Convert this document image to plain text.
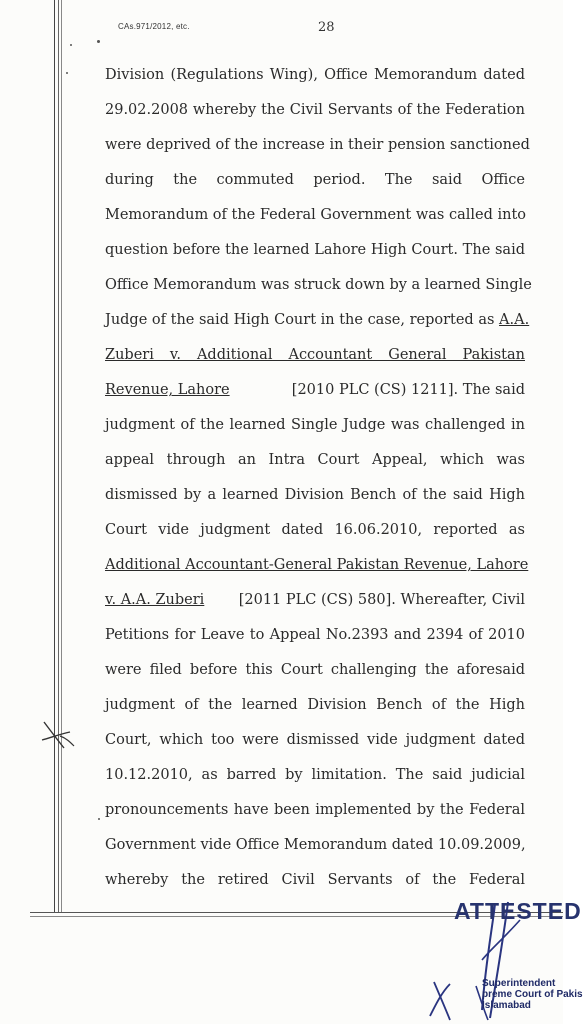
CAs.971/2012, etc.	28
Division (Regulations Wing), Office Memorandum dated
29.02.2008 whereby the Civil Servants of the Federation
were deprived of the increase in their pension sanctioned
during the commuted period. The said Office
Memorandum of the Federal Government was called into
question before the learned Lahore High Court. The said
Office Memorandum was struck down by a learned Single
Judge of the said High Court in the case, reported as A.A.
Zuberi v. Additional Accountant General Pakistan
Revenue, Lahore	[2010 PLC (CS) 1211]. The said
judgment of the learned Single Judge was challenged in
appeal through an Intra Court Appeal, which was
dismissed by a learned Division Bench of the said High
Court vide judgment dated 16.06.2010, reported as
Additional Accountant-General Pakistan Revenue, Lahore
v. A.A. Zuberi [2011 PLC (CS) 580]. Whereafter, Civil
Petitions for Leave to Appeal No.2393 and 2394 of 2010
were filed before this Court challenging the aforesaid
judgment of the learned Division Bench of the High
Court, which too were dismissed vide judgment dated
10.12.2010, as barred by limitation. The said judicial
pronouncements have been implemented by the Federal
Government vide Office Memorandum dated 10.09.2009,
whereby the retired Civil Servants of the Federal
ATTESTED
Superintendent
preme Court of Pakis
Islamabad
